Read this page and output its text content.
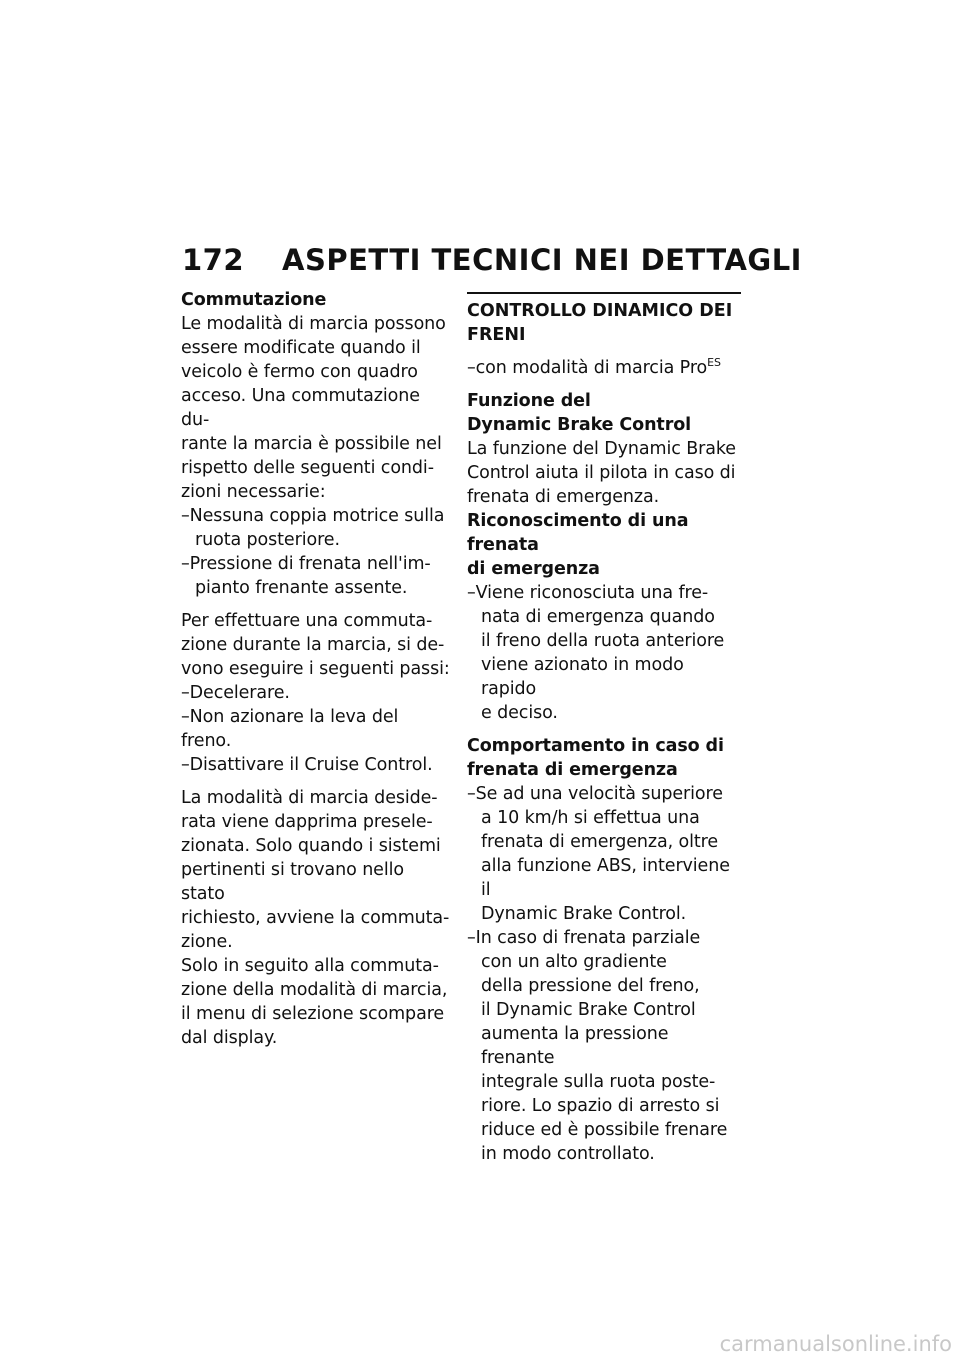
172 ASPETTI TECNICI NEI DETTAGLI

Commutazione

Le modalità di marcia possono

essere modificate quando il

veicolo è fermo con quadro

acceso. Una commutazione du-

rante la marcia è possibile nel

rispetto delle seguenti condi-

zioni necessarie:

–Nessuna coppia motrice sulla

ruota posteriore.

–Pressione di frenata nell'im-

pianto frenante assente.

Per effettuare una commuta-

zione durante la marcia, si de-

vono eseguire i seguenti passi:

–Decelerare.

–Non azionare la leva del freno.

–Disattivare il Cruise Control.

La modalità di marcia deside-

rata viene dapprima presele-

zionata. Solo quando i sistemi

pertinenti si trovano nello stato

richiesto, avviene la commuta-

zione.

Solo in seguito alla commuta-

zione della modalità di marcia,

il menu di selezione scompare

dal display.

CONTROLLO DINAMICO DEI

FRENI

–con modalità di marcia Pro$^{ES}$

Funzione del

Dynamic Brake Control

La funzione del Dynamic Brake

Control aiuta il pilota in caso di

frenata di emergenza.

Riconoscimento di una frenata

di emergenza

–Viene riconosciuta una fre-

nata di emergenza quando

il freno della ruota anteriore

viene azionato in modo rapido

e deciso.

Comportamento in caso di

frenata di emergenza

–Se ad una velocità superiore

a 10 km/h si effettua una

frenata di emergenza, oltre

alla funzione ABS, interviene il

Dynamic Brake Control.

–In caso di frenata parziale

con un alto gradiente

della pressione del freno,

il Dynamic Brake Control

aumenta la pressione frenante

integrale sulla ruota poste-

riore. Lo spazio di arresto si

riduce ed è possibile frenare

in modo controllato.

carmanualsonline.info
